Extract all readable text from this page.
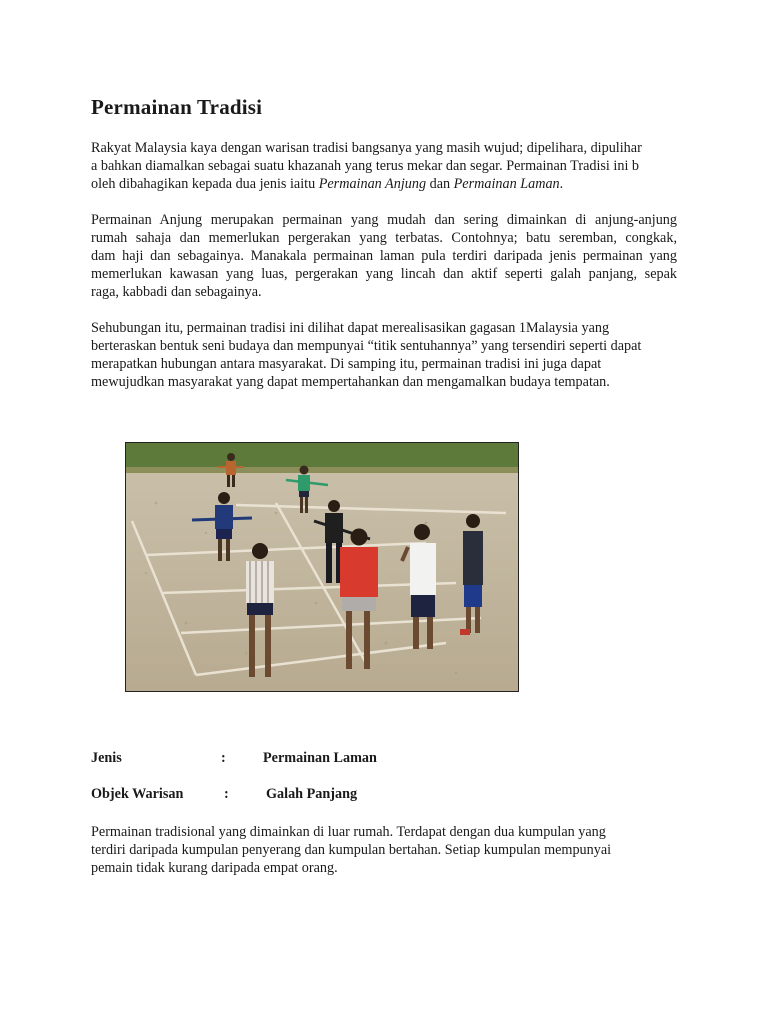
Permainan Tradisi

Rakyat Malaysia kaya dengan warisan tradisi bangsanya yang masih wujud; dipelihara, dipulihar
a bahkan diamalkan sebagai suatu khazanah yang terus mekar dan segar. Permainan Tradisi ini b
oleh dibahagikan kepada dua jenis iaitu Permainan Anjung dan Permainan Laman.

Permainan Anjung merupakan permainan yang mudah dan sering dimainkan di anjung-anjung
rumah sahaja dan memerlukan pergerakan yang terbatas. Contohnya; batu seremban, congkak,
dam haji dan sebagainya. Manakala permainan laman pula terdiri daripada jenis permainan yang
memerlukan kawasan yang luas, pergerakan yang lincah dan aktif seperti galah panjang, sepak
raga, kabbadi dan sebagainya.

Sehubungan itu, permainan tradisi ini dilihat dapat merealisasikan gagasan 1Malaysia yang
berteraskan bentuk seni budaya dan mempunyai “titik sentuhannya” yang tersendiri seperti dapat
merapatkan hubungan antara masyarakat. Di samping itu, permainan tradisi ini juga dapat
mewujudkan masyarakat yang dapat mempertahankan dan mengamalkan budaya tempatan.

Jenis	:	Permainan Laman
Objek Warisan	:	Galah Panjang

Permainan tradisional yang dimainkan di luar rumah. Terdapat dengan dua kumpulan yang
terdiri daripada kumpulan penyerang dan kumpulan bertahan. Setiap kumpulan mempunyai
pemain tidak kurang daripada empat orang.
